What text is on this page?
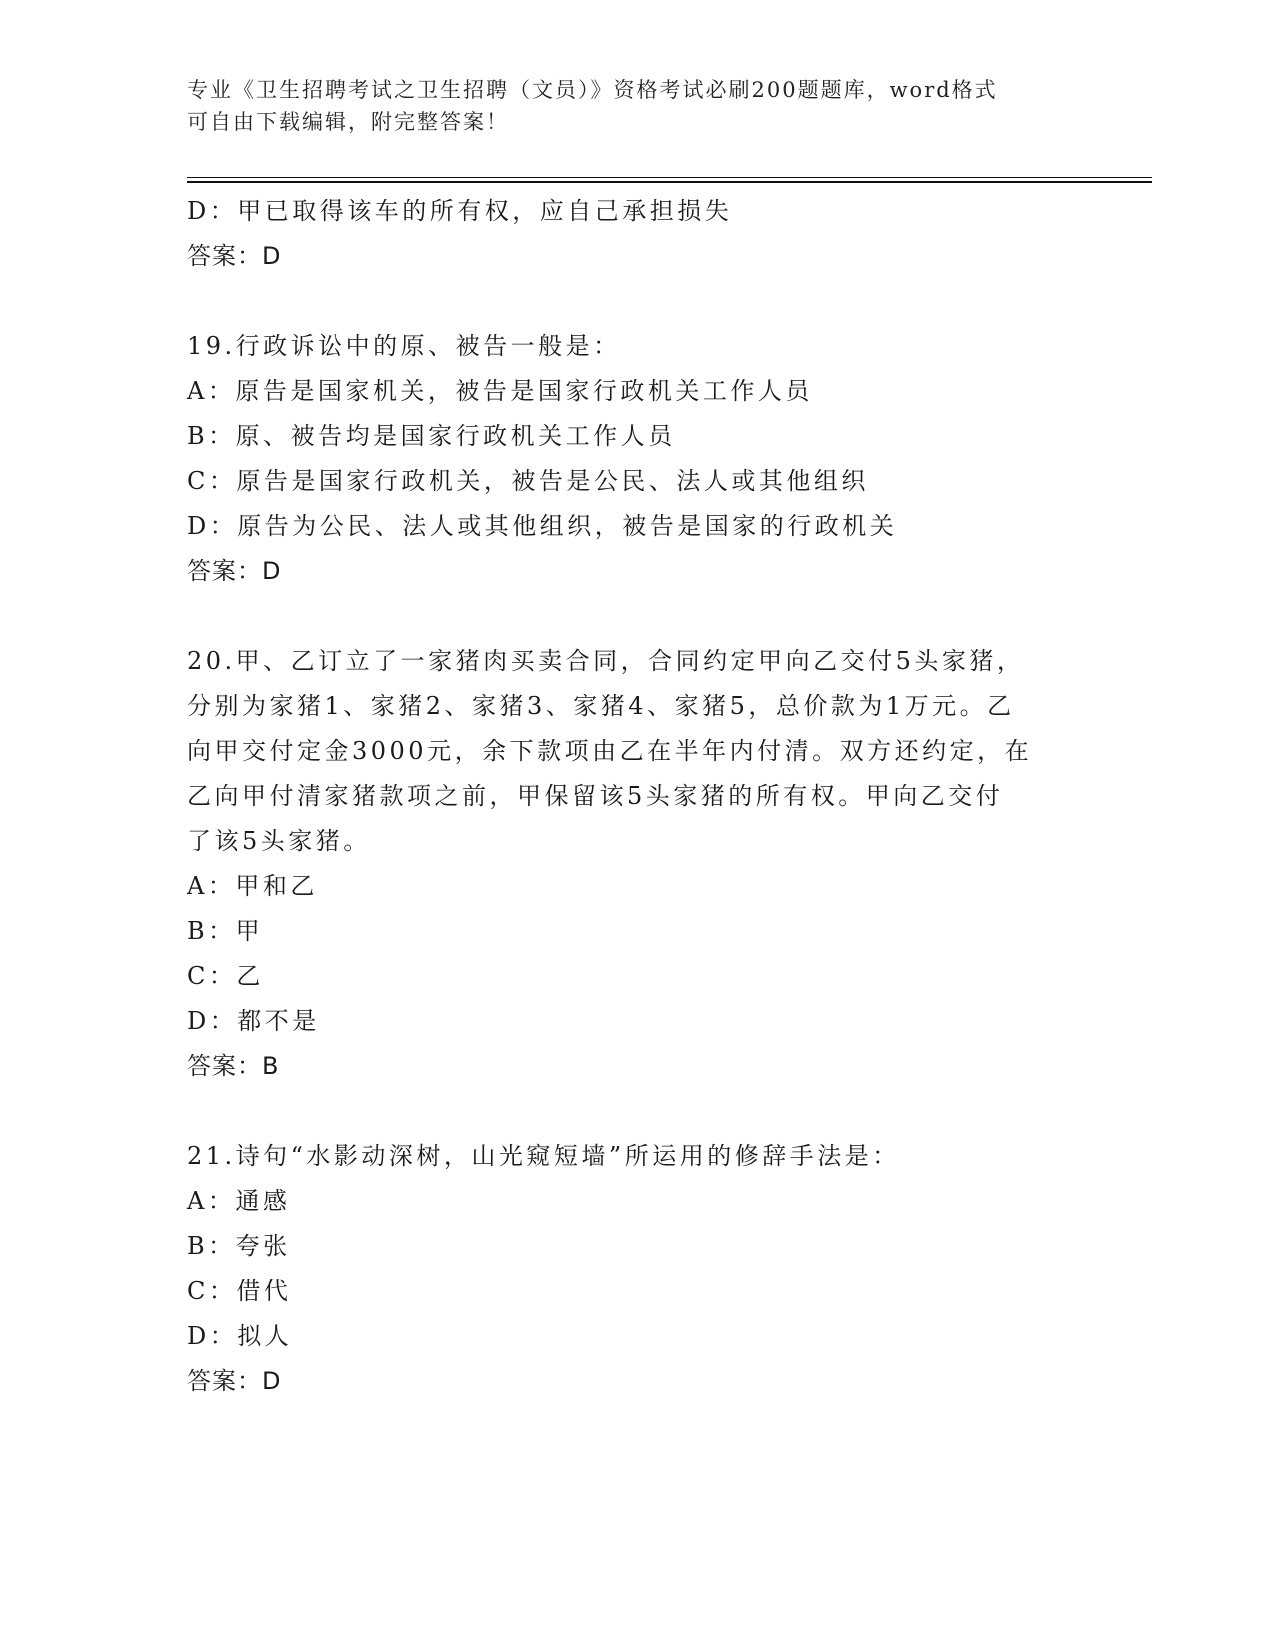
专业《卫生招聘考试之卫生招聘（文员）》资格考试必刷200题题库，word格式
可自由下载编辑，附完整答案！

D：甲已取得该车的所有权，应自己承担损失

答案：D

19.行政诉讼中的原、被告一般是：

A：原告是国家机关，被告是国家行政机关工作人员

B：原、被告均是国家行政机关工作人员

C：原告是国家行政机关，被告是公民、法人或其他组织

D：原告为公民、法人或其他组织，被告是国家的行政机关

答案：D

20.甲、乙订立了一家猪肉买卖合同，合同约定甲向乙交付5头家猪，

分别为家猪1、家猪2、家猪3、家猪4、家猪5，总价款为1万元。乙

向甲交付定金3000元，余下款项由乙在半年内付清。双方还约定，在

乙向甲付清家猪款项之前，甲保留该5头家猪的所有权。甲向乙交付

了该5头家猪。

A：甲和乙

B：甲

C：乙

D：都不是

答案：B

21.诗句“水影动深树，山光窥短墙”所运用的修辞手法是：

A：通感

B：夸张

C：借代

D：拟人

答案：D
